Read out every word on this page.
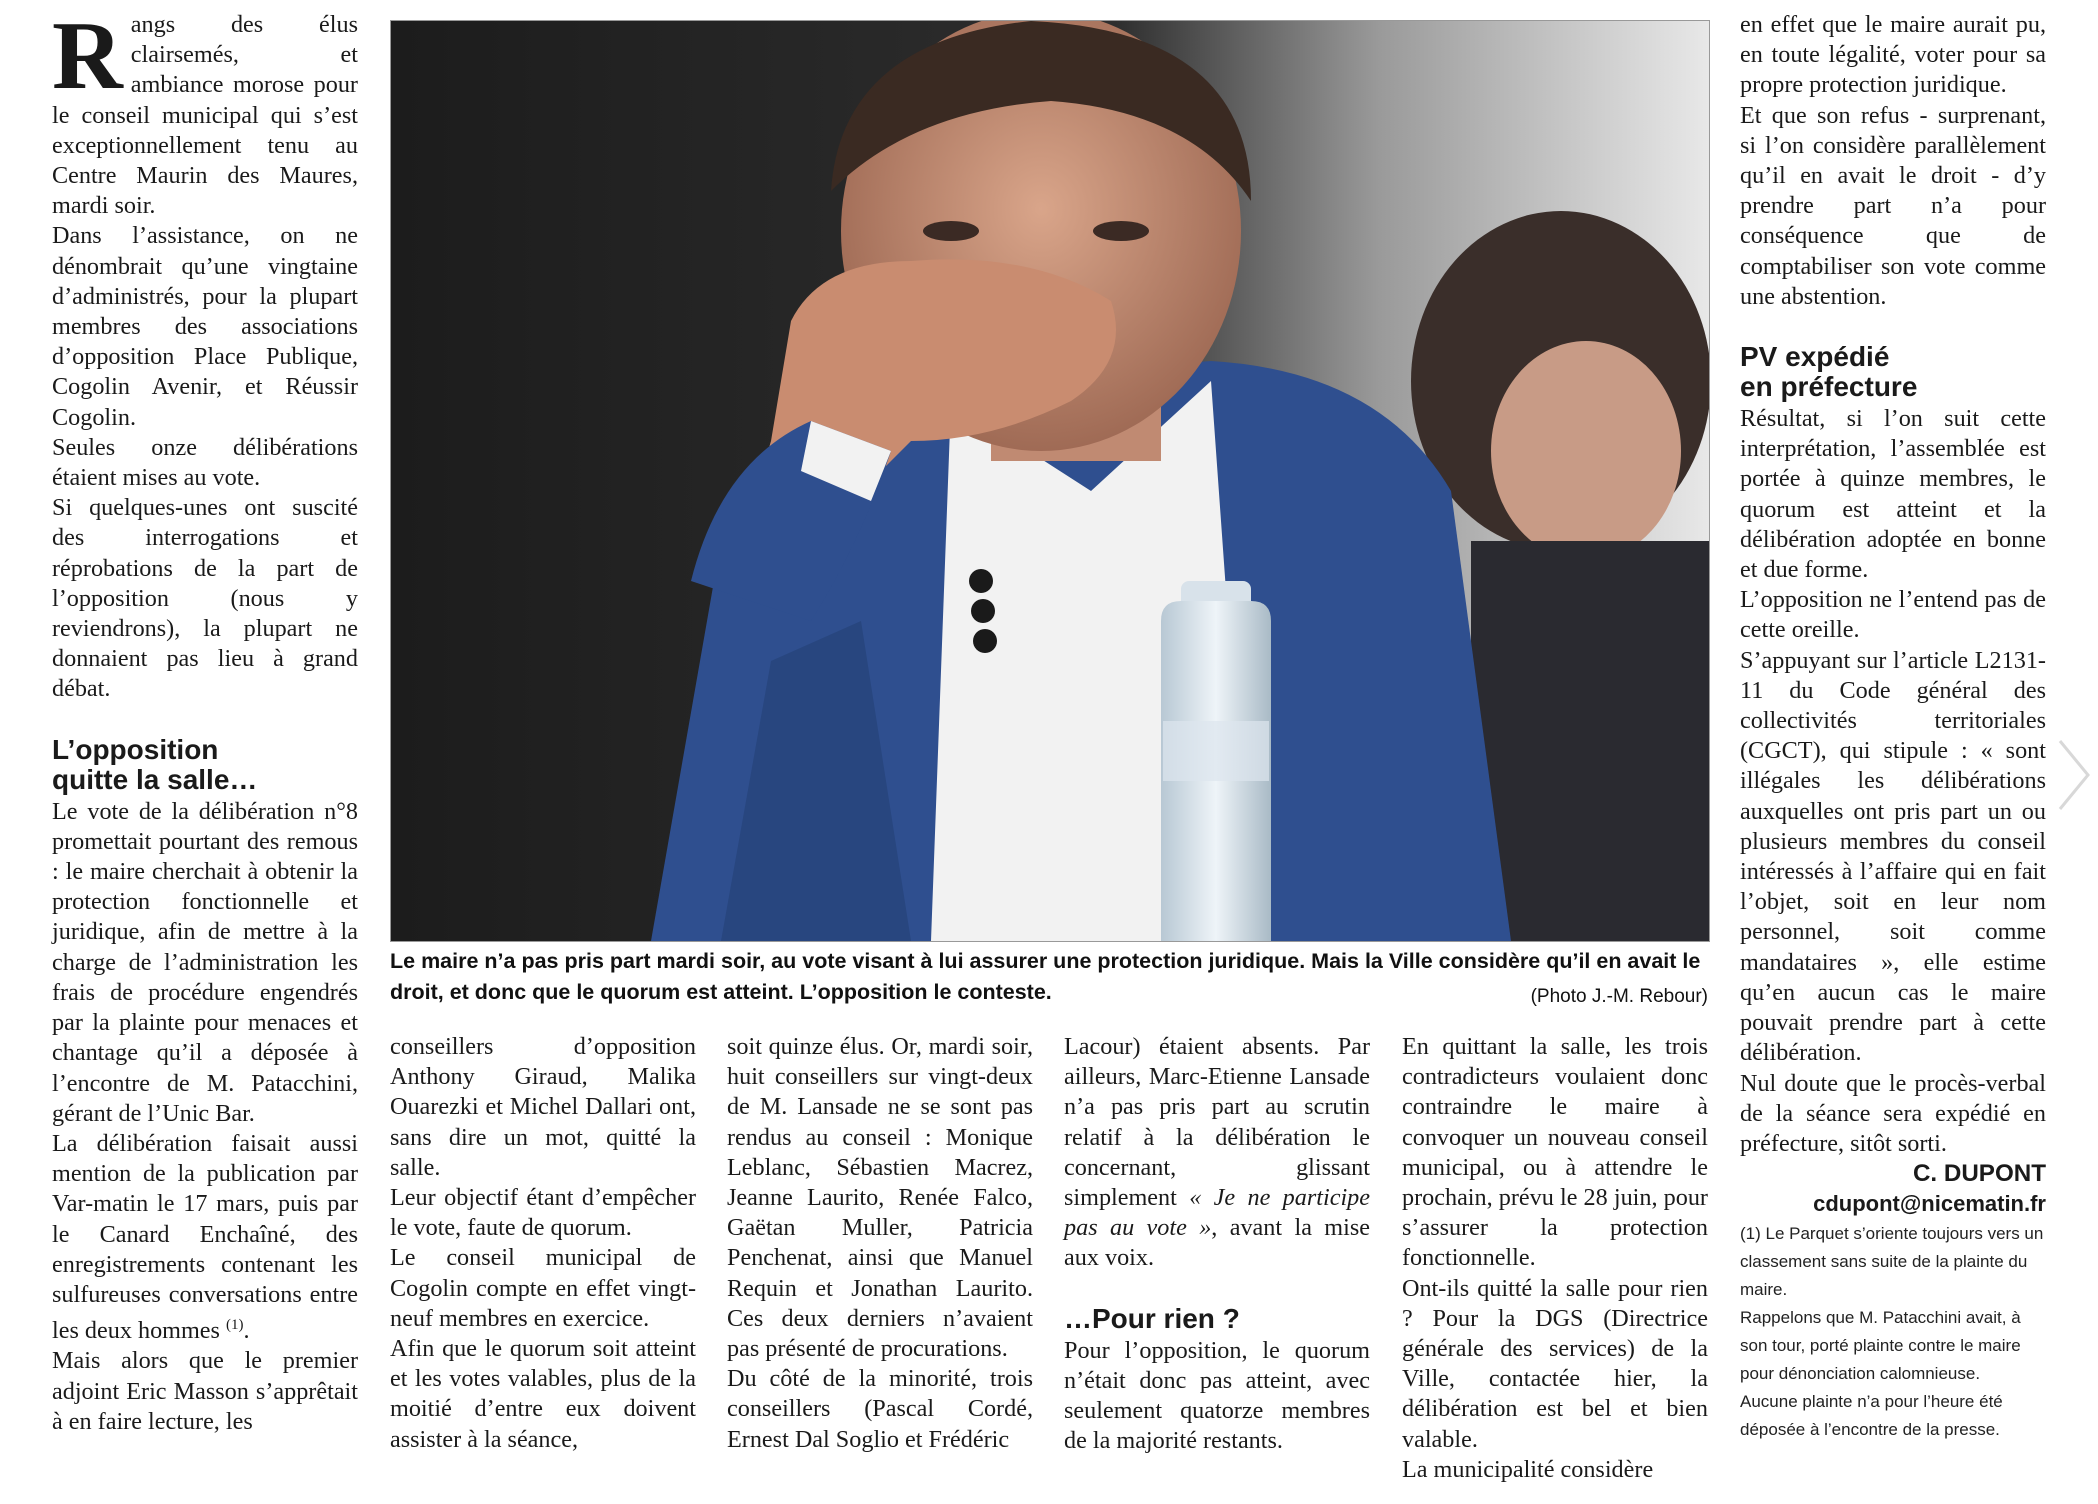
Rangs des élus clairsemés, et ambiance morose pour le conseil municipal qui s’est exceptionnellement tenu au Centre Maurin des Maures, mardi soir.

Dans l’assistance, on ne dénombrait qu’une vingtaine d’administrés, pour la plupart membres des associations d’opposition Place Publique, Cogolin Avenir, et Réussir Cogolin.

Seules onze délibérations étaient mises au vote.

Si quelques-unes ont suscité des interrogations et réprobations de la part de l’opposition (nous y reviendrons), la plupart ne donnaient pas lieu à grand débat.

L’opposition
quitte la salle…

Le vote de la délibération n°8 promettait pourtant des remous : le maire cherchait à obtenir la protection fonctionnelle et juridique, afin de mettre à la charge de l’administration les frais de procédure engendrés par la plainte pour menaces et chantage qu’il a déposée à l’encontre de M. Patacchini, gérant de l’Unic Bar.

La délibération faisait aussi mention de la publication par Var-matin le 17 mars, puis par le Canard Enchaîné, des enregistrements contenant les sulfureuses conversations entre les deux hommes $^{(1)}$.

Mais alors que le premier adjoint Eric Masson s’apprêtait à en faire lecture, les

Le maire n’a pas pris part mardi soir, au vote visant à lui assurer une protection juridique. Mais la Ville considère qu’il en avait le droit, et donc que le quorum est atteint. L’opposition le conteste.	(Photo J.-M. Rebour)

conseillers d’opposition Anthony Giraud, Malika Ouarezki et Michel Dallari ont, sans dire un mot, quitté la salle.

Leur objectif étant d’empêcher le vote, faute de quorum.

Le conseil municipal de Cogolin compte en effet vingt-neuf membres en exercice.

Afin que le quorum soit atteint et les votes valables, plus de la moitié d’entre eux doivent assister à la séance,

soit quinze élus. Or, mardi soir, huit conseillers sur vingt-deux de M. Lansade ne se sont pas rendus au conseil : Monique Leblanc, Sébastien Macrez, Jeanne Laurito, Renée Falco, Gaëtan Muller, Patricia Penchenat, ainsi que Manuel Requin et Jonathan Laurito. Ces deux derniers n’avaient pas présenté de procurations.

Du côté de la minorité, trois conseillers (Pascal Cordé, Ernest Dal Soglio et Frédéric

Lacour) étaient absents. Par ailleurs, Marc-Etienne Lansade n’a pas pris part au scrutin relatif à la délibération le concernant, glissant simplement « Je ne participe pas au vote », avant la mise aux voix.

…Pour rien ?

Pour l’opposition, le quorum n’était donc pas atteint, avec seulement quatorze membres de la majorité restants.

En quittant la salle, les trois contradicteurs voulaient donc contraindre le maire à convoquer un nouveau conseil municipal, ou à attendre le prochain, prévu le 28 juin, pour s’assurer la protection fonctionnelle.

Ont-ils quitté la salle pour rien ? Pour la DGS (Directrice générale des services) de la Ville, contactée hier, la délibération est bel et bien valable.

La municipalité considère

en effet que le maire aurait pu, en toute légalité, voter pour sa propre protection juridique.

Et que son refus - surprenant, si l’on considère parallèlement qu’il en avait le droit - d’y prendre part n’a pour conséquence que de comptabiliser son vote comme une abstention.

PV expédié
en préfecture

Résultat, si l’on suit cette interprétation, l’assemblée est portée à quinze membres, le quorum est atteint et la délibération adoptée en bonne et due forme.

L’opposition ne l’entend pas de cette oreille.

S’appuyant sur l’article L2131-11 du Code général des collectivités territoriales (CGCT), qui stipule : « sont illégales les délibérations auxquelles ont pris part un ou plusieurs membres du conseil intéressés à l’affaire qui en fait l’objet, soit en leur nom personnel, soit comme mandataires », elle estime qu’en aucun cas le maire pouvait prendre part à cette délibération.

Nul doute que le procès-verbal de la séance sera expédié en préfecture, sitôt sorti.

C. DUPONT

cdupont@nicematin.fr

(1) Le Parquet s’oriente toujours vers un classement sans suite de la plainte du maire.

Rappelons que M. Patacchini avait, à son tour, porté plainte contre le maire pour dénonciation calomnieuse.

Aucune plainte n’a pour l’heure été déposée à l’encontre de la presse.
